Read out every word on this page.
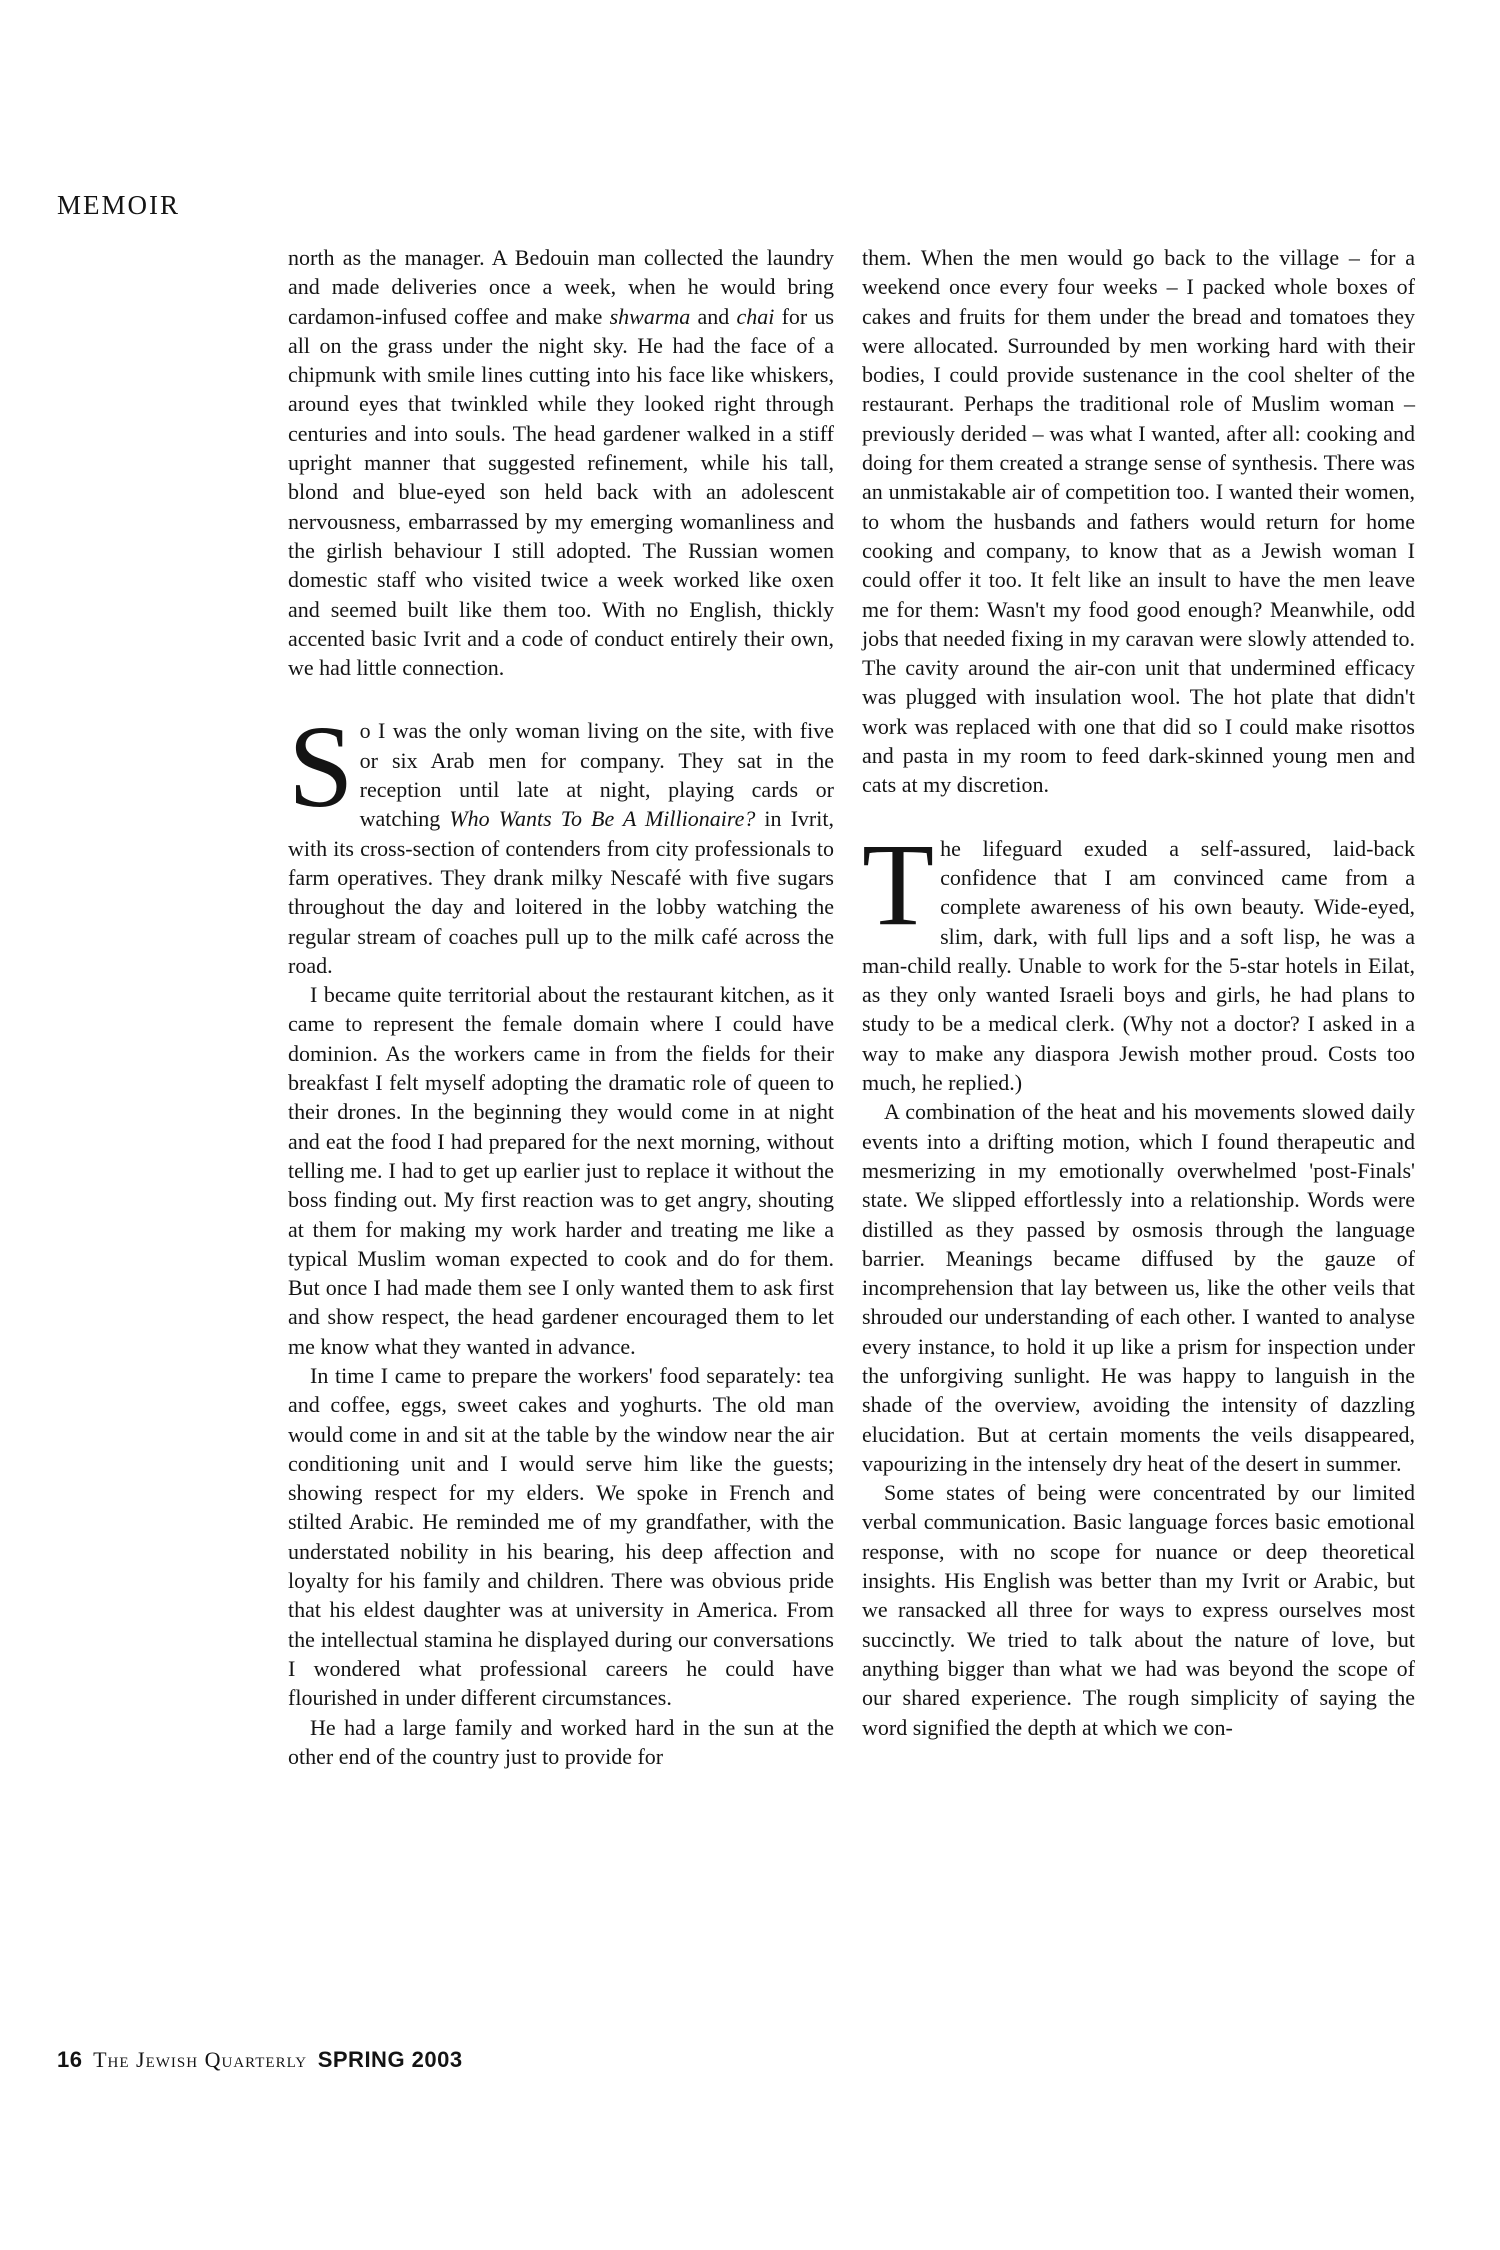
MEMOIR

north as the manager. A Bedouin man collected the laundry and made deliveries once a week, when he would bring cardamon-infused coffee and make shwarma and chai for us all on the grass under the night sky. He had the face of a chipmunk with smile lines cutting into his face like whiskers, around eyes that twinkled while they looked right through centuries and into souls. The head gardener walked in a stiff upright manner that suggested refinement, while his tall, blond and blue-eyed son held back with an adolescent nervousness, embarrassed by my emerging womanliness and the girlish behaviour I still adopted. The Russian women domestic staff who visited twice a week worked like oxen and seemed built like them too. With no English, thickly accented basic Ivrit and a code of conduct entirely their own, we had little connection.

So I was the only woman living on the site, with five or six Arab men for company. They sat in the reception until late at night, playing cards or watching Who Wants To Be A Millionaire? in Ivrit, with its cross-section of contenders from city professionals to farm operatives. They drank milky Nescafé with five sugars throughout the day and loitered in the lobby watching the regular stream of coaches pull up to the milk café across the road.

I became quite territorial about the restaurant kitchen, as it came to represent the female domain where I could have dominion. As the workers came in from the fields for their breakfast I felt myself adopting the dramatic role of queen to their drones. In the beginning they would come in at night and eat the food I had prepared for the next morning, without telling me. I had to get up earlier just to replace it without the boss finding out. My first reaction was to get angry, shouting at them for making my work harder and treating me like a typical Muslim woman expected to cook and do for them. But once I had made them see I only wanted them to ask first and show respect, the head gardener encouraged them to let me know what they wanted in advance.

In time I came to prepare the workers' food separately: tea and coffee, eggs, sweet cakes and yoghurts. The old man would come in and sit at the table by the window near the air conditioning unit and I would serve him like the guests; showing respect for my elders. We spoke in French and stilted Arabic. He reminded me of my grandfather, with the understated nobility in his bearing, his deep affection and loyalty for his family and children. There was obvious pride that his eldest daughter was at university in America. From the intellectual stamina he displayed during our conversations I wondered what professional careers he could have flourished in under different circumstances.

He had a large family and worked hard in the sun at the other end of the country just to provide for

them. When the men would go back to the village – for a weekend once every four weeks – I packed whole boxes of cakes and fruits for them under the bread and tomatoes they were allocated. Surrounded by men working hard with their bodies, I could provide sustenance in the cool shelter of the restaurant. Perhaps the traditional role of Muslim woman – previously derided – was what I wanted, after all: cooking and doing for them created a strange sense of synthesis. There was an unmistakable air of competition too. I wanted their women, to whom the husbands and fathers would return for home cooking and company, to know that as a Jewish woman I could offer it too. It felt like an insult to have the men leave me for them: Wasn't my food good enough? Meanwhile, odd jobs that needed fixing in my caravan were slowly attended to. The cavity around the air-con unit that undermined efficacy was plugged with insulation wool. The hot plate that didn't work was replaced with one that did so I could make risottos and pasta in my room to feed dark-skinned young men and cats at my discretion.

The lifeguard exuded a self-assured, laid-back confidence that I am convinced came from a complete awareness of his own beauty. Wide-eyed, slim, dark, with full lips and a soft lisp, he was a man-child really. Unable to work for the 5-star hotels in Eilat, as they only wanted Israeli boys and girls, he had plans to study to be a medical clerk. (Why not a doctor? I asked in a way to make any diaspora Jewish mother proud. Costs too much, he replied.)

A combination of the heat and his movements slowed daily events into a drifting motion, which I found therapeutic and mesmerizing in my emotionally overwhelmed 'post-Finals' state. We slipped effortlessly into a relationship. Words were distilled as they passed by osmosis through the language barrier. Meanings became diffused by the gauze of incomprehension that lay between us, like the other veils that shrouded our understanding of each other. I wanted to analyse every instance, to hold it up like a prism for inspection under the unforgiving sunlight. He was happy to languish in the shade of the overview, avoiding the intensity of dazzling elucidation. But at certain moments the veils disappeared, vapourizing in the intensely dry heat of the desert in summer.

Some states of being were concentrated by our limited verbal communication. Basic language forces basic emotional response, with no scope for nuance or deep theoretical insights. His English was better than my Ivrit or Arabic, but we ransacked all three for ways to express ourselves most succinctly. We tried to talk about the nature of love, but anything bigger than what we had was beyond the scope of our shared experience. The rough simplicity of saying the word signified the depth at which we con-

16 The Jewish Quarterly SPRING 2003
